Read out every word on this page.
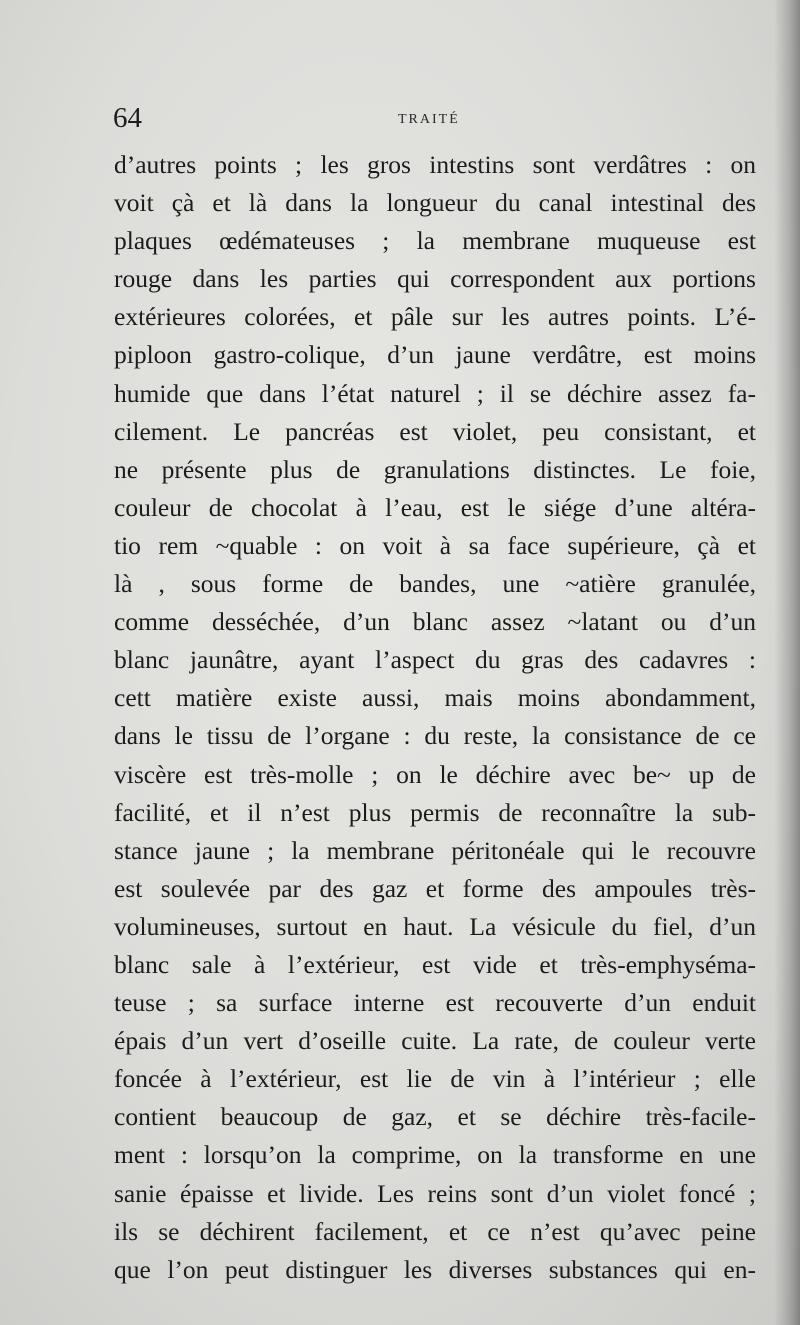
64	TRAITÉ
d’autres points ; les gros intestins sont verdâtres : on
voit çà et là dans la longueur du canal intestinal des
plaques œdémateuses ; la membrane muqueuse est
rouge dans les parties qui correspondent aux portions
extérieures colorées, et pâle sur les autres points. L’é-
piploon gastro-colique, d’un jaune verdâtre, est moins
humide que dans l’état naturel ; il se déchire assez fa-
cilement. Le pancréas est violet, peu consistant, et
ne présente plus de granulations distinctes. Le foie,
couleur de chocolat à l’eau, est le siége d’une altéra-
tio rem ~quable : on voit à sa face supérieure, çà et
là , sous forme de bandes, une ~atière granulée,
comme desséchée, d’un blanc assez ~latant ou d’un
blanc jaunâtre, ayant l’aspect du gras des cadavres :
cett matière existe aussi, mais moins abondamment,
dans le tissu de l’organe : du reste, la consistance de ce
viscère est très-molle ; on le déchire avec be~ up de
facilité, et il n’est plus permis de reconnaître la sub-
stance jaune ; la membrane péritonéale qui le recouvre
est soulevée par des gaz et forme des ampoules très-
volumineuses, surtout en haut. La vésicule du fiel, d’un
blanc sale à l’extérieur, est vide et très-emphyséma-
teuse ; sa surface interne est recouverte d’un enduit
épais d’un vert d’oseille cuite. La rate, de couleur verte
foncée à l’extérieur, est lie de vin à l’intérieur ; elle
contient beaucoup de gaz, et se déchire très-facile-
ment : lorsqu’on la comprime, on la transforme en une
sanie épaisse et livide. Les reins sont d’un violet foncé ;
ils se déchirent facilement, et ce n’est qu’avec peine
que l’on peut distinguer les diverses substances qui en-
